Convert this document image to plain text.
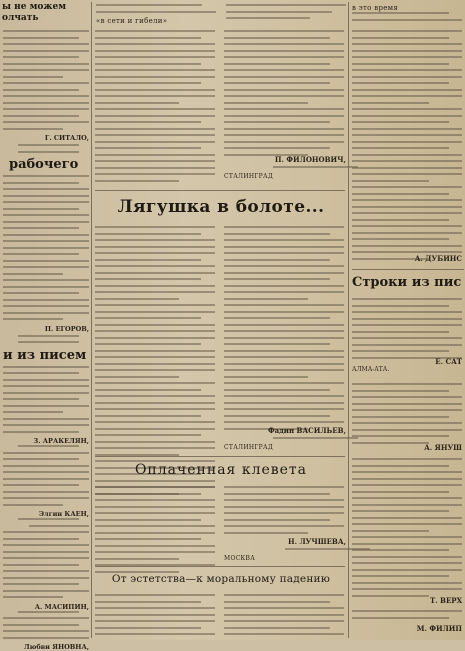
ы не можем
олчать	«в сети и гибели»
в это время
Г. СИТАЛО,
рабочего
П. ЕГОРОВ,
и из писем
З. АРАКЕЛЯН,
Элгин КАЕН,
А. МАСИПИН,
Любви ЯНОВНА,
П. ФИЛОНОВИЧ,
СТАЛИНГРАД
Лягушка в болоте...
Фадин ВАСИЛЬЕВ,
СТАЛИНГРАД
Оплаченная клевета
Н. ЛУЧШЕВА,
МОСКВА
От эстетства—к моральному падению
А. ДУБИНС
Строки из пис
Е. САТ
АЛМА-АТА.
А. ЯНУШ
Т. ВЕРХ
М. ФИЛИП
